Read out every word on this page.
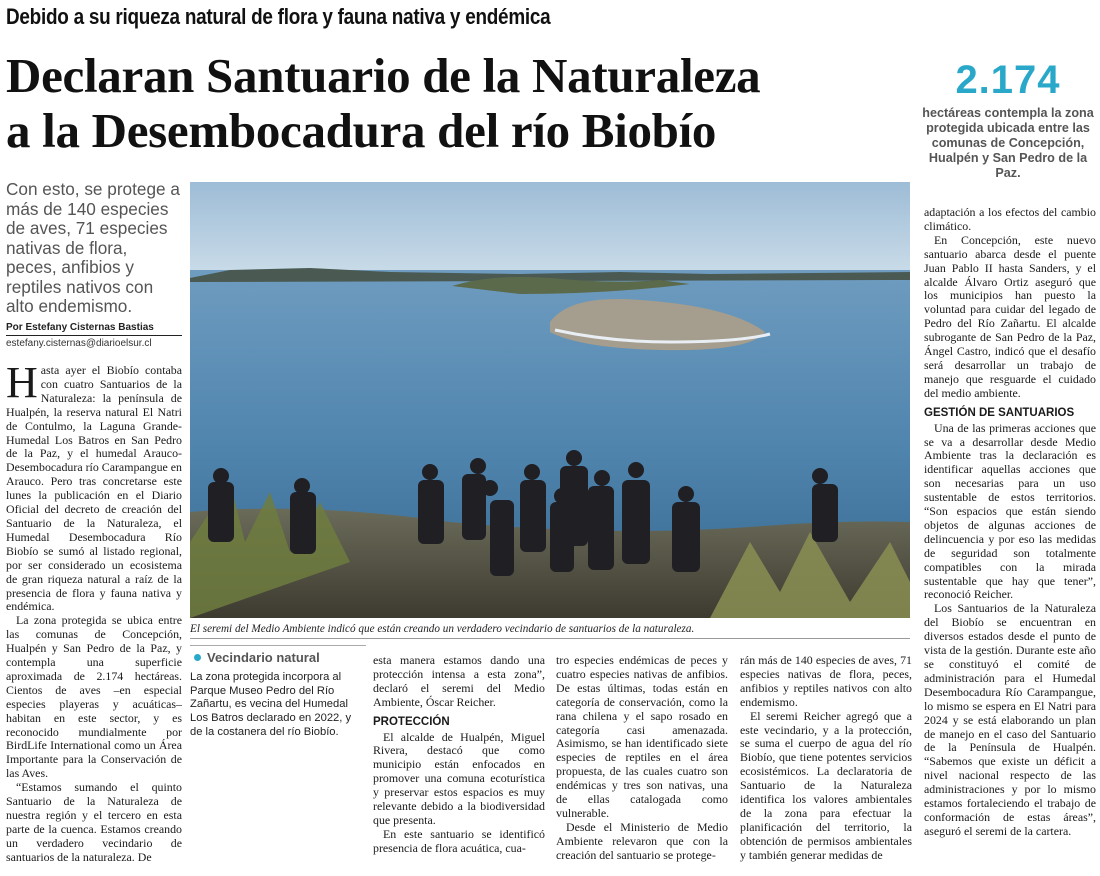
Debido a su riqueza natural de flora y fauna nativa y endémica
Declaran Santuario de la Naturaleza
a la Desembocadura del río Biobío
2.174
hectáreas contempla la zona protegida ubicada entre las comunas de Concepción, Hualpén y San Pedro de la Paz.
Con esto, se protege a más de 140 especies de aves, 71 especies nativas de flora, peces, anfibios y reptiles nativos con alto endemismo.
Por Estefany Cisternas Bastias
estefany.cisternas@diarioelsur.cl

Hasta ayer el Biobío contaba con cuatro Santuarios de la Naturaleza: la península de Hualpén, la reserva natural El Natri de Contulmo, la Laguna Grande-Humedal Los Batros en San Pedro de la Paz, y el humedal Arauco-Desembocadura río Carampangue en Arauco. Pero tras concretarse este lunes la publicación en el Diario Oficial del decreto de creación del Santuario de la Naturaleza, el Humedal Desembocadura Río Biobío se sumó al listado regional, por ser considerado un ecosistema de gran riqueza natural a raíz de la presencia de flora y fauna nativa y endémica.

La zona protegida se ubica entre las comunas de Concepción, Hualpén y San Pedro de la Paz, y contempla una superficie aproximada de 2.174 hectáreas. Cientos de aves –en especial especies playeras y acuáticas– habitan en este sector, y es reconocido mundialmente por BirdLife International como un Área Importante para la Conservación de las Aves.

“Estamos sumando el quinto Santuario de la Naturaleza de nuestra región y el tercero en esta parte de la cuenca. Estamos creando un verdadero vecindario de santuarios de la naturaleza. De

El seremi del Medio Ambiente indicó que están creando un verdadero vecindario de santuarios de la naturaleza.
Vecindario natural
La zona protegida incorpora al Parque Museo Pedro del Río Zañartu, es vecina del Humedal Los Batros declarado en 2022, y de la costanera del río Biobío.

esta manera estamos dando una protección intensa a esta zona”, declaró el seremi del Medio Ambiente, Óscar Reicher.

PROTECCIÓN

El alcalde de Hualpén, Miguel Rivera, destacó que como municipio están enfocados en promover una comuna ecoturística y preservar estos espacios es muy relevante debido a la biodiversidad que presenta.

En este santuario se identificó presencia de flora acuática, cua-

tro especies endémicas de peces y cuatro especies nativas de anfibios. De estas últimas, todas están en categoría de conservación, como la rana chilena y el sapo rosado en categoría casi amenazada. Asimismo, se han identificado siete especies de reptiles en el área propuesta, de las cuales cuatro son endémicas y tres son nativas, una de ellas catalogada como vulnerable.

Desde el Ministerio de Medio Ambiente relevaron que con la creación del santuario se protege-

rán más de 140 especies de aves, 71 especies nativas de flora, peces, anfibios y reptiles nativos con alto endemismo.

El seremi Reicher agregó que a este vecindario, y a la protección, se suma el cuerpo de agua del río Biobío, que tiene potentes servicios ecosistémicos. La declaratoria de Santuario de la Naturaleza identifica los valores ambientales de la zona para efectuar la planificación del territorio, la obtención de permisos ambientales y también generar medidas de

adaptación a los efectos del cambio climático.

En Concepción, este nuevo santuario abarca desde el puente Juan Pablo II hasta Sanders, y el alcalde Álvaro Ortiz aseguró que los municipios han puesto la voluntad para cuidar del legado de Pedro del Río Zañartu. El alcalde subrogante de San Pedro de la Paz, Ángel Castro, indicó que el desafío será desarrollar un trabajo de manejo que resguarde el cuidado del medio ambiente.

GESTIÓN DE SANTUARIOS

Una de las primeras acciones que se va a desarrollar desde Medio Ambiente tras la declaración es identificar aquellas acciones que son necesarias para un uso sustentable de estos territorios. “Son espacios que están siendo objetos de algunas acciones de delincuencia y por eso las medidas de seguridad son totalmente compatibles con la mirada sustentable que hay que tener”, reconoció Reicher.

Los Santuarios de la Naturaleza del Biobío se encuentran en diversos estados desde el punto de vista de la gestión. Durante este año se constituyó el comité de administración para el Humedal Desembocadura Río Carampangue, lo mismo se espera en El Natri para 2024 y se está elaborando un plan de manejo en el caso del Santuario de la Península de Hualpén. “Sabemos que existe un déficit a nivel nacional respecto de las administraciones y por lo mismo estamos fortaleciendo el trabajo de conformación de estas áreas”, aseguró el seremi de la cartera.
